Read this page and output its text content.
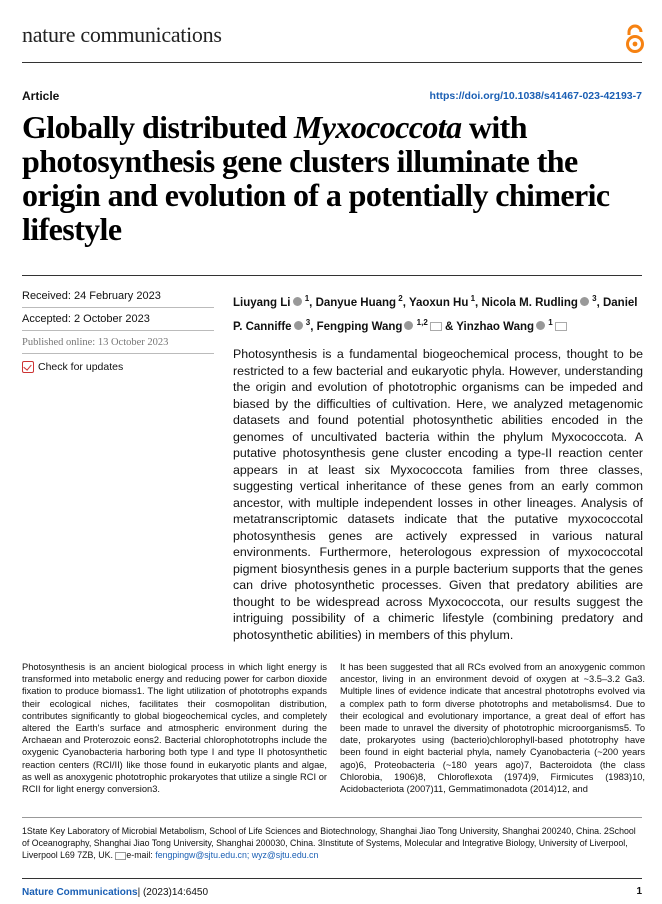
nature communications
Article	https://doi.org/10.1038/s41467-023-42193-7
Globally distributed Myxococcota with photosynthesis gene clusters illuminate the origin and evolution of a potentially chimeric lifestyle
Received: 24 February 2023
Accepted: 2 October 2023
Published online: 13 October 2023
Check for updates
Liuyang Li $^1$, Danyue Huang $^2$, Yaoxun Hu $^1$, Nicola M. Rudling $^3$, Daniel P. Canniffe $^3$, Fengping Wang $^{1,2}$ & Yinzhao Wang $^1$
Photosynthesis is a fundamental biogeochemical process, thought to be restricted to a few bacterial and eukaryotic phyla. However, understanding the origin and evolution of phototrophic organisms can be impeded and biased by the difficulties of cultivation. Here, we analyzed metagenomic datasets and found potential photosynthetic abilities encoded in the genomes of uncultivated bacteria within the phylum Myxococcota. A putative photosynthesis gene cluster encoding a type-II reaction center appears in at least six Myxococcota families from three classes, suggesting vertical inheritance of these genes from an early common ancestor, with multiple independent losses in other lineages. Analysis of metatranscriptomic datasets indicate that the putative myxococcotal photosynthesis genes are actively expressed in various natural environments. Furthermore, heterologous expression of myxococcotal pigment biosynthesis genes in a purple bacterium supports that the genes can drive photosynthetic processes. Given that predatory abilities are thought to be widespread across Myxococcota, our results suggest the intriguing possibility of a chimeric lifestyle (combining predatory and photosynthetic abilities) in members of this phylum.
Photosynthesis is an ancient biological process in which light energy is transformed into metabolic energy and reducing power for carbon dioxide fixation to produce biomass1. The light utilization of phototrophs expands their ecological niches, facilitates their cosmopolitan distribution, contributes significantly to global biogeochemical cycles, and completely altered the Earth's surface and atmospheric environment during the Archaean and Proterozoic eons2. Bacterial chlorophototrophs include the oxygenic Cyanobacteria harboring both type I and type II photosynthetic reaction centers (RCI/II) like those found in eukaryotic plants and algae, as well as anoxygenic phototrophic prokaryotes that utilize a single RCI or RCII for light energy conversion3.
It has been suggested that all RCs evolved from an anoxygenic common ancestor, living in an environment devoid of oxygen at ~3.5–3.2 Ga3. Multiple lines of evidence indicate that ancestral phototrophs evolved via a complex path to form diverse phototrophs and metabolisms4. Due to their ecological and evolutionary importance, a great deal of effort has been made to unravel the diversity of phototrophic microorganisms5. To date, prokaryotes using (bacterio)chlorophyll-based phototrophy have been found in eight bacterial phyla, namely Cyanobacteria (~200 years ago)6, Proteobacteria (~180 years ago)7, Bacteroidota (the class Chlorobia, 1906)8, Chloroflexota (1974)9, Firmicutes (1983)10, Acidobacteriota (2007)11, Gemmatimonadota (2014)12, and
1State Key Laboratory of Microbial Metabolism, School of Life Sciences and Biotechnology, Shanghai Jiao Tong University, Shanghai 200240, China. 2School of Oceanography, Shanghai Jiao Tong University, Shanghai 200030, China. 3Institute of Systems, Molecular and Integrative Biology, University of Liverpool, Liverpool L69 7ZB, UK. e-mail: fengpingw@sjtu.edu.cn; wyz@sjtu.edu.cn
Nature Communications| (2023)14:6450	1
